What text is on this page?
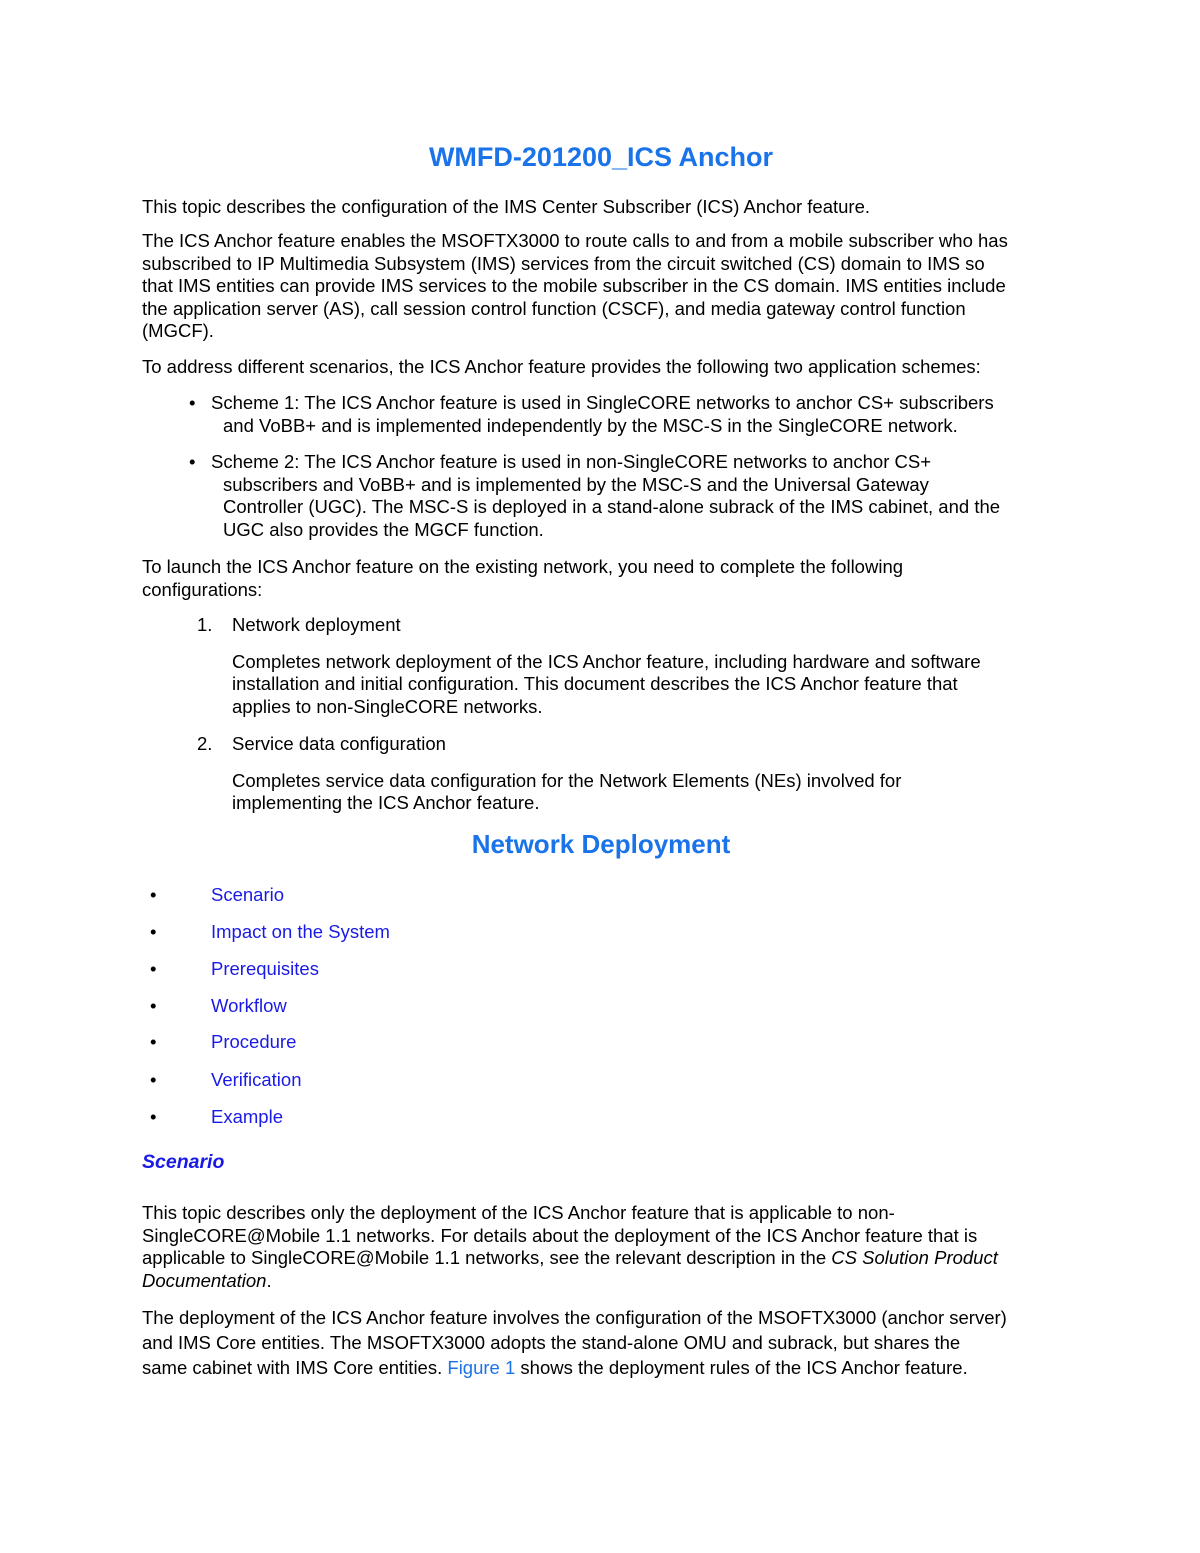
WMFD-201200_ICS Anchor

This topic describes the configuration of the IMS Center Subscriber (ICS) Anchor feature.

The ICS Anchor feature enables the MSOFTX3000 to route calls to and from a mobile subscriber who has
subscribed to IP Multimedia Subsystem (IMS) services from the circuit switched (CS) domain to IMS so
that IMS entities can provide IMS services to the mobile subscriber in the CS domain. IMS entities include
the application server (AS), call session control function (CSCF), and media gateway control function
(MGCF).

To address different scenarios, the ICS Anchor feature provides the following two application schemes:

• Scheme 1: The ICS Anchor feature is used in SingleCORE networks to anchor CS+ subscribers
and VoBB+ and is implemented independently by the MSC-S in the SingleCORE network.
• Scheme 2: The ICS Anchor feature is used in non-SingleCORE networks to anchor CS+
subscribers and VoBB+ and is implemented by the MSC-S and the Universal Gateway
Controller (UGC). The MSC-S is deployed in a stand-alone subrack of the IMS cabinet, and the
UGC also provides the MGCF function.

To launch the ICS Anchor feature on the existing network, you need to complete the following
configurations:

1. Network deployment
Completes network deployment of the ICS Anchor feature, including hardware and software
installation and initial configuration. This document describes the ICS Anchor feature that
applies to non-SingleCORE networks.
2. Service data configuration
Completes service data configuration for the Network Elements (NEs) involved for
implementing the ICS Anchor feature.
Network Deployment
•	Scenario
•	Impact on the System
•	Prerequisites
•	Workflow
•	Procedure
•	Verification
•	Example
Scenario

This topic describes only the deployment of the ICS Anchor feature that is applicable to non-
SingleCORE@Mobile 1.1 networks. For details about the deployment of the ICS Anchor feature that is
applicable to SingleCORE@Mobile 1.1 networks, see the relevant description in the CS Solution Product
Documentation.

The deployment of the ICS Anchor feature involves the configuration of the MSOFTX3000 (anchor server)
and IMS Core entities. The MSOFTX3000 adopts the stand-alone OMU and subrack, but shares the
same cabinet with IMS Core entities. Figure 1 shows the deployment rules of the ICS Anchor feature.
